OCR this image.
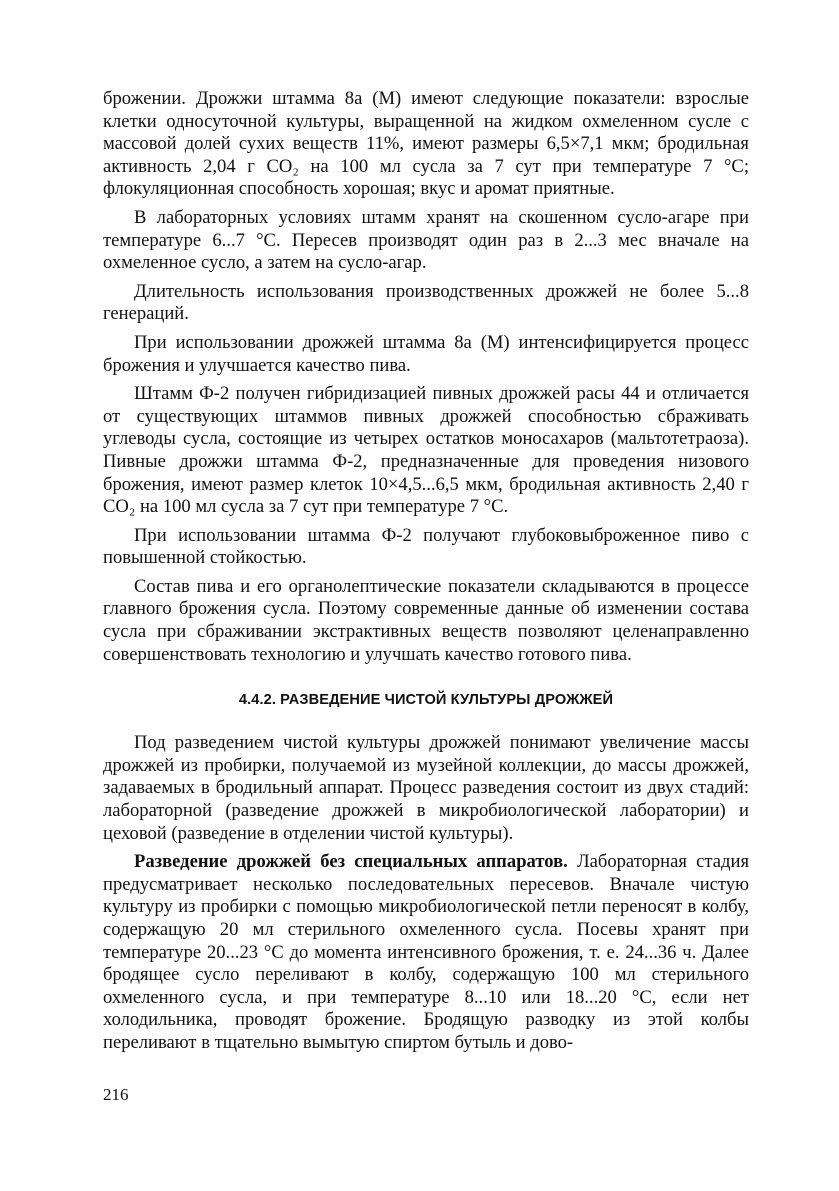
брожении. Дрожжи штамма 8а (М) имеют следующие показатели: взрослые клетки односуточной культуры, выращенной на жидком охмеленном сусле с массовой долей сухих веществ 11%, имеют размеры 6,5×7,1 мкм; бродильная активность 2,04 г CO₂ на 100 мл сусла за 7 сут при температуре 7 °С; флокуляционная способность хорошая; вкус и аромат приятные.

В лабораторных условиях штамм хранят на скошенном сусло-агаре при температуре 6...7 °С. Пересев производят один раз в 2...3 мес вначале на охмеленное сусло, а затем на сусло-агар.

Длительность использования производственных дрожжей не более 5...8 генераций.

При использовании дрожжей штамма 8а (М) интенсифицируется процесс брожения и улучшается качество пива.

Штамм Ф-2 получен гибридизацией пивных дрожжей расы 44 и отличается от существующих штаммов пивных дрожжей способностью сбраживать углеводы сусла, состоящие из четырех остатков моносахаров (мальтотетраоза). Пивные дрожжи штамма Ф-2, предназначенные для проведения низового брожения, имеют размер клеток 10×4,5...6,5 мкм, бродильная активность 2,40 г CO₂ на 100 мл сусла за 7 сут при температуре 7 °С.

При использовании штамма Ф-2 получают глубоковыброженное пиво с повышенной стойкостью.

Состав пива и его органолептические показатели складываются в процессе главного брожения сусла. Поэтому современные данные об изменении состава сусла при сбраживании экстрактивных веществ позволяют целенаправленно совершенствовать технологию и улучшать качество готового пива.

4.4.2. РАЗВЕДЕНИЕ ЧИСТОЙ КУЛЬТУРЫ ДРОЖЖЕЙ

Под разведением чистой культуры дрожжей понимают увеличение массы дрожжей из пробирки, получаемой из музейной коллекции, до массы дрожжей, задаваемых в бродильный аппарат. Процесс разведения состоит из двух стадий: лабораторной (разведение дрожжей в микробиологической лаборатории) и цеховой (разведение в отделении чистой культуры).

Разведение дрожжей без специальных аппаратов. Лабораторная стадия предусматривает несколько последовательных пересевов. Вначале чистую культуру из пробирки с помощью микробиологической петли переносят в колбу, содержащую 20 мл стерильного охмеленного сусла. Посевы хранят при температуре 20...23 °С до момента интенсивного брожения, т. е. 24...36 ч. Далее бродящее сусло переливают в колбу, содержащую 100 мл стерильного охмеленного сусла, и при температуре 8...10 или 18...20 °С, если нет холодильника, проводят брожение. Бродящую разводку из этой колбы переливают в тщательно вымытую спиртом бутыль и дово-

216
